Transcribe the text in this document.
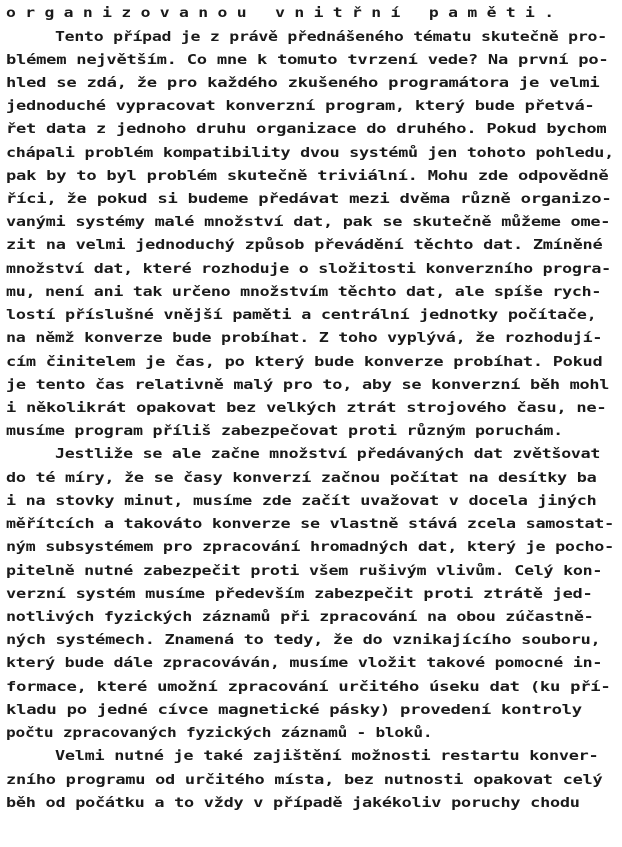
o r g a n i z o v a n o u   v n i t ř n í   p a m ě t i .
Tento případ je z právě přednášeného tématu skutečně pro-
blémem největším. Co mne k tomuto tvrzení vede? Na první po-
hled se zdá, že pro každého zkušeného programátora je velmi
jednoduché vypracovat konverzní program, který bude přetvá-
řet data z jednoho druhu organizace do druhého. Pokud bychom
chápali problém kompatibility dvou systémů jen tohoto pohledu,
pak by to byl problém skutečně triviální. Mohu zde odpovědně
říci, že pokud si budeme předávat mezi dvěma různě organizo-
vanými systémy malé množství dat, pak se skutečně můžeme ome-
zit na velmi jednoduchý způsob převádění těchto dat. Zmíněné
množství dat, které rozhoduje o složitosti konverzního progra-
mu, není ani tak určeno množstvím těchto dat, ale spíše rych-
lostí příslušné vnější paměti a centrální jednotky počítače,
na němž konverze bude probíhat. Z toho vyplývá, že rozhodují-
cím činitelem je čas, po který bude konverze probíhat. Pokud
je tento čas relativně malý pro to, aby se konverzní běh mohl
i několikrát opakovat bez velkých ztrát strojového času, ne-
musíme program příliš zabezpečovat proti různým poruchám.
Jestliže se ale začne množství předávaných dat zvětšovat
do té míry, že se časy konverzí začnou počítat na desítky ba
i na stovky minut, musíme zde začít uvažovat v docela jiných
měřítcích a takováto konverze se vlastně stává zcela samostat-
ným subsystémem pro zpracování hromadných dat, který je pocho-
pitelně nutné zabezpečit proti všem rušivým vlivům. Celý kon-
verzní systém musíme především zabezpečit proti ztrátě jed-
notlivých fyzických záznamů při zpracování na obou zúčastně-
ných systémech. Znamená to tedy, že do vznikajícího souboru,
který bude dále zpracováván, musíme vložit takové pomocné in-
formace, které umožní zpracování určitého úseku dat (ku pří-
kladu po jedné cívce magnetické pásky) provedení kontroly
počtu zpracovaných fyzických záznamů - bloků.
Velmi nutné je také zajištění možnosti restartu konver-
zního programu od určitého místa, bez nutnosti opakovat celý
běh od počátku a to vždy v případě jakékoliv poruchy chodu
